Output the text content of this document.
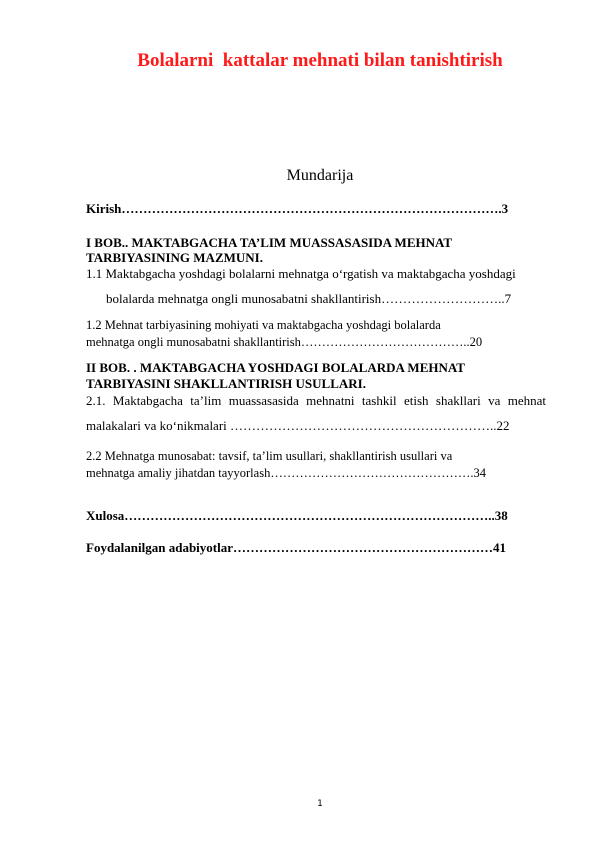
Bolalarni  kattalar mehnati bilan tanishtirish
Mundarija
Kirish…………………………………………………………………………….3
I BOB.. MAKTABGACHA TA’LIM MUASSASASIDA MEHNAT
TARBIYASINING MAZMUNI.
1.1 Maktabgacha yoshdagi bolalarni mehnatga o‘rgatish va maktabgacha yoshdagi
bolalarda mehnatga ongli munosabatni shakllantirish………………………..7
1.2 Mehnat tarbiyasining mohiyati va maktabgacha yoshdagi bolalarda
mehnatga ongli munosabatni shakllantirish…………………………………..20
II BOB. . MAKTABGACHA YOSHDAGI BOLALARDA MEHNAT
TARBIYASINI SHAKLLANTIRISH USULLARI.
2.1. Maktabgacha ta’lim muassasasida mehnatni tashkil etish shakllari va mehnat
malakalari va ko‘nikmalari ……………………………………………………..22
2.2 Mehnatga munosabat: tavsif, ta’lim usullari, shakllantirish usullari va
mehnatga amaliy jihatdan tayyorlash………………………………………….34
Xulosa…………………………………………………………………………..38
Foydalanilgan adabiyotlar……………………………………………………41
1
